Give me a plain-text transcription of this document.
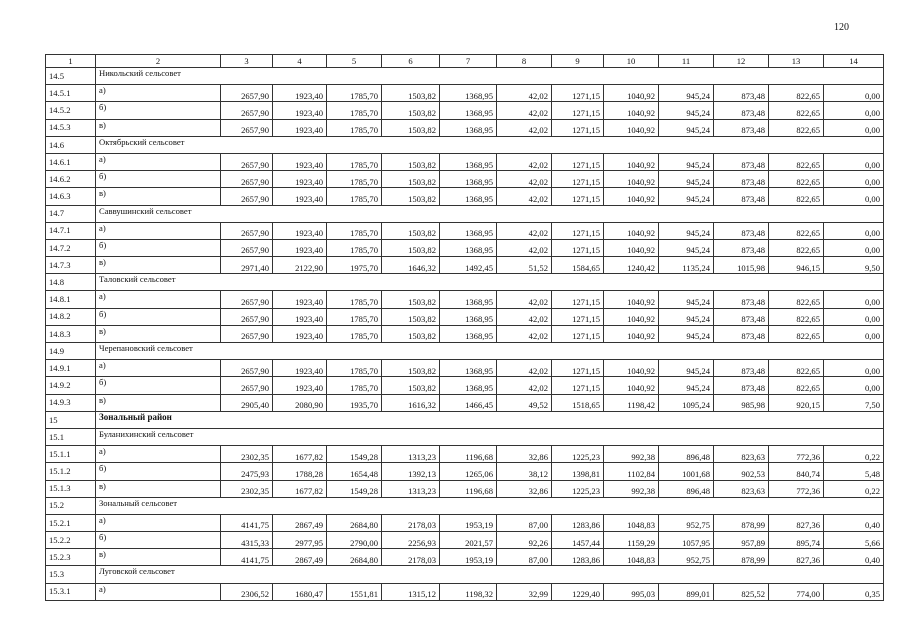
120
1	2	3	4	5	6	7	8	9	10	11	12	13	14
14.5	Никольский сельсовет												
14.5.1	а)	2657,90	1923,40	1785,70	1503,82	1368,95	42,02	1271,15	1040,92	945,24	873,48	822,65	0,00
14.5.2	б)	2657,90	1923,40	1785,70	1503,82	1368,95	42,02	1271,15	1040,92	945,24	873,48	822,65	0,00
14.5.3	в)	2657,90	1923,40	1785,70	1503,82	1368,95	42,02	1271,15	1040,92	945,24	873,48	822,65	0,00
14.6	Октябрьский сельсовет												
14.6.1	а)	2657,90	1923,40	1785,70	1503,82	1368,95	42,02	1271,15	1040,92	945,24	873,48	822,65	0,00
14.6.2	б)	2657,90	1923,40	1785,70	1503,82	1368,95	42,02	1271,15	1040,92	945,24	873,48	822,65	0,00
14.6.3	в)	2657,90	1923,40	1785,70	1503,82	1368,95	42,02	1271,15	1040,92	945,24	873,48	822,65	0,00
14.7	Саввушинский сельсовет												
14.7.1	а)	2657,90	1923,40	1785,70	1503,82	1368,95	42,02	1271,15	1040,92	945,24	873,48	822,65	0,00
14.7.2	б)	2657,90	1923,40	1785,70	1503,82	1368,95	42,02	1271,15	1040,92	945,24	873,48	822,65	0,00
14.7.3	в)	2971,40	2122,90	1975,70	1646,32	1492,45	51,52	1584,65	1240,42	1135,24	1015,98	946,15	9,50
14.8	Таловский сельсовет												
14.8.1	а)	2657,90	1923,40	1785,70	1503,82	1368,95	42,02	1271,15	1040,92	945,24	873,48	822,65	0,00
14.8.2	б)	2657,90	1923,40	1785,70	1503,82	1368,95	42,02	1271,15	1040,92	945,24	873,48	822,65	0,00
14.8.3	в)	2657,90	1923,40	1785,70	1503,82	1368,95	42,02	1271,15	1040,92	945,24	873,48	822,65	0,00
14.9	Черепановский сельсовет												
14.9.1	а)	2657,90	1923,40	1785,70	1503,82	1368,95	42,02	1271,15	1040,92	945,24	873,48	822,65	0,00
14.9.2	б)	2657,90	1923,40	1785,70	1503,82	1368,95	42,02	1271,15	1040,92	945,24	873,48	822,65	0,00
14.9.3	в)	2905,40	2080,90	1935,70	1616,32	1466,45	49,52	1518,65	1198,42	1095,24	985,98	920,15	7,50
15	Зональный район												
15.1	Буланихинский сельсовет												
15.1.1	а)	2302,35	1677,82	1549,28	1313,23	1196,68	32,86	1225,23	992,38	896,48	823,63	772,36	0,22
15.1.2	б)	2475,93	1788,28	1654,48	1392,13	1265,06	38,12	1398,81	1102,84	1001,68	902,53	840,74	5,48
15.1.3	в)	2302,35	1677,82	1549,28	1313,23	1196,68	32,86	1225,23	992,38	896,48	823,63	772,36	0,22
15.2	Зональный сельсовет												
15.2.1	а)	4141,75	2867,49	2684,80	2178,03	1953,19	87,00	1283,86	1048,83	952,75	878,99	827,36	0,40
15.2.2	б)	4315,33	2977,95	2790,00	2256,93	2021,57	92,26	1457,44	1159,29	1057,95	957,89	895,74	5,66
15.2.3	в)	4141,75	2867,49	2684,80	2178,03	1953,19	87,00	1283,86	1048,83	952,75	878,99	827,36	0,40
15.3	Луговской сельсовет												
15.3.1	а)	2306,52	1680,47	1551,81	1315,12	1198,32	32,99	1229,40	995,03	899,01	825,52	774,00	0,35
